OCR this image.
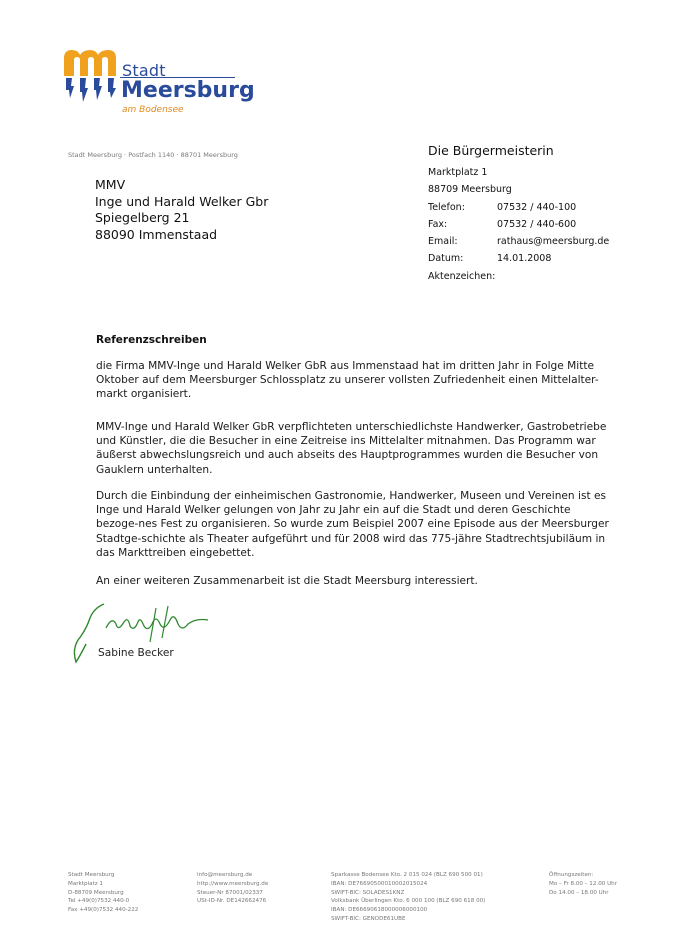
Stadt
Meersburg
am Bodensee
Stadt Meersburg · Postfach 1140 · 88701 Meersburg
MMV
Inge und Harald Welker Gbr
Spiegelberg 21
88090 Immenstaad
Die Bürgermeisterin
Marktplatz 1
88709 Meersburg
Telefon:	07532 / 440-100
Fax:	07532 / 440-600
Email:	rathaus@meersburg.de
Datum:	14.01.2008
Aktenzeichen:
Referenzschreiben
die Firma MMV-Inge und Harald Welker GbR aus Immenstaad hat im dritten Jahr in Folge Mitte Oktober auf dem Meersburger Schlossplatz zu unserer vollsten Zufriedenheit einen Mittelalter-markt organisiert.
MMV-Inge und Harald Welker GbR verpflichteten unterschiedlichste Handwerker, Gastrobetriebe und Künstler, die die Besucher in eine Zeitreise ins Mittelalter mitnahmen. Das Programm war äußerst abwechslungsreich und auch abseits des Hauptprogrammes wurden die Besucher von Gauklern unterhalten.
Durch die Einbindung der einheimischen Gastronomie, Handwerker, Museen und Vereinen ist es Inge und Harald Welker gelungen von Jahr zu Jahr ein auf die Stadt und deren Geschichte bezoge-nes Fest zu organisieren. So wurde zum Beispiel 2007 eine Episode aus der Meersburger Stadtge-schichte als Theater aufgeführt und für 2008 wird das 775-jähre Stadtrechtsjubiläum in das Markttreiben eingebettet.
An einer weiteren Zusammenarbeit ist die Stadt Meersburg interessiert.
Sabine Becker
Stadt Meersburg
Marktplatz 1
D-88709 Meersburg
Tel +49(0)7532 440-0
Fax +49(0)7532 440-222
info@meersburg.de
http://www.meersburg.de
Steuer-Nr 87001/02337
USt-ID-Nr. DE142662476
Sparkasse Bodensee Kto. 2 015 024 (BLZ 690 500 01)
IBAN: DE76690500010002015024
SWIFT-BIC: SOLADES1KNZ
Volksbank Überlingen Kto. 6 000 100 (BLZ 690 618 00)
IBAN: DE66690618000006000100
SWIFT-BIC: GENODE61UBE
Öffnungszeiten:
Mo – Fr 8.00 – 12.00 Uhr
Do 14.00 – 18.00 Uhr
